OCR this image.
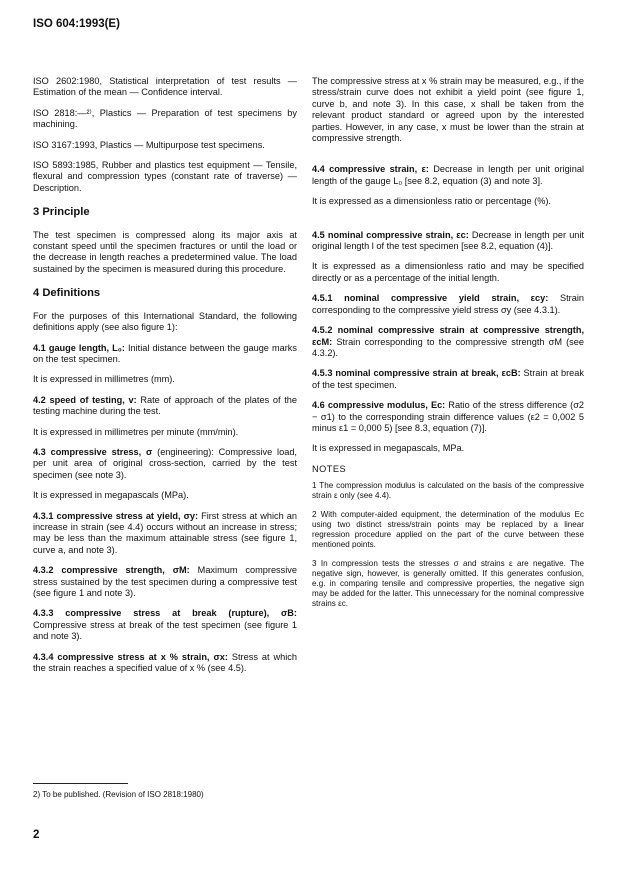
ISO 604:1993(E)

ISO 2602:1980, Statistical interpretation of test results — Estimation of the mean — Confidence interval.

ISO 2818:—²⁾, Plastics — Preparation of test specimens by machining.

ISO 3167:1993, Plastics — Multipurpose test specimens.

ISO 5893:1985, Rubber and plastics test equipment — Tensile, flexural and compression types (constant rate of traverse) — Description.

3 Principle

The test specimen is compressed along its major axis at constant speed until the specimen fractures or until the load or the decrease in length reaches a predetermined value. The load sustained by the specimen is measured during this procedure.

4 Definitions

For the purposes of this International Standard, the following definitions apply (see also figure 1):

4.1 gauge length, L₀: Initial distance between the gauge marks on the test specimen.

It is expressed in millimetres (mm).

4.2 speed of testing, v: Rate of approach of the plates of the testing machine during the test.

It is expressed in millimetres per minute (mm/min).

4.3 compressive stress, σ (engineering): Compressive load, per unit area of original cross-section, carried by the test specimen (see note 3).

It is expressed in megapascals (MPa).

4.3.1 compressive stress at yield, σy: First stress at which an increase in strain (see 4.4) occurs without an increase in stress; may be less than the maximum attainable stress (see figure 1, curve a, and note 3).

4.3.2 compressive strength, σM: Maximum compressive stress sustained by the test specimen during a compressive test (see figure 1 and note 3).

4.3.3 compressive stress at break (rupture), σB: Compressive stress at break of the test specimen (see figure 1 and note 3).

4.3.4 compressive stress at x % strain, σx: Stress at which the strain reaches a specified value of x % (see 4.5).

The compressive stress at x % strain may be measured, e.g., if the stress/strain curve does not exhibit a yield point (see figure 1, curve b, and note 3). In this case, x shall be taken from the relevant product standard or agreed upon by the interested parties. However, in any case, x must be lower than the strain at compressive strength.

4.4 compressive strain, ε: Decrease in length per unit original length of the gauge L₀ [see 8.2, equation (3) and note 3].

It is expressed as a dimensionless ratio or percentage (%).

4.5 nominal compressive strain, εc: Decrease in length per unit original length l of the test specimen [see 8.2, equation (4)].

It is expressed as a dimensionless ratio and may be specified directly or as a percentage of the initial length.

4.5.1 nominal compressive yield strain, εcy: Strain corresponding to the compressive yield stress σy (see 4.3.1).

4.5.2 nominal compressive strain at compressive strength, εcM: Strain corresponding to the compressive strength σM (see 4.3.2).

4.5.3 nominal compressive strain at break, εcB: Strain at break of the test specimen.

4.6 compressive modulus, Ec: Ratio of the stress difference (σ2 − σ1) to the corresponding strain difference values (ε2 = 0,002 5 minus ε1 = 0,000 5) [see 8.3, equation (7)].

It is expressed in megapascals, MPa.

NOTES

1 The compression modulus is calculated on the basis of the compressive strain ε only (see 4.4).

2 With computer-aided equipment, the determination of the modulus Ec using two distinct stress/strain points may be replaced by a linear regression procedure applied on the part of the curve between these mentioned points.

3 In compression tests the stresses σ and strains ε are negative. The negative sign, however, is generally omitted. If this generates confusion, e.g. in comparing tensile and compressive properties, the negative sign may be added for the latter. This unnecessary for the nominal compressive strains εc.

2) To be published. (Revision of ISO 2818:1980)
2
